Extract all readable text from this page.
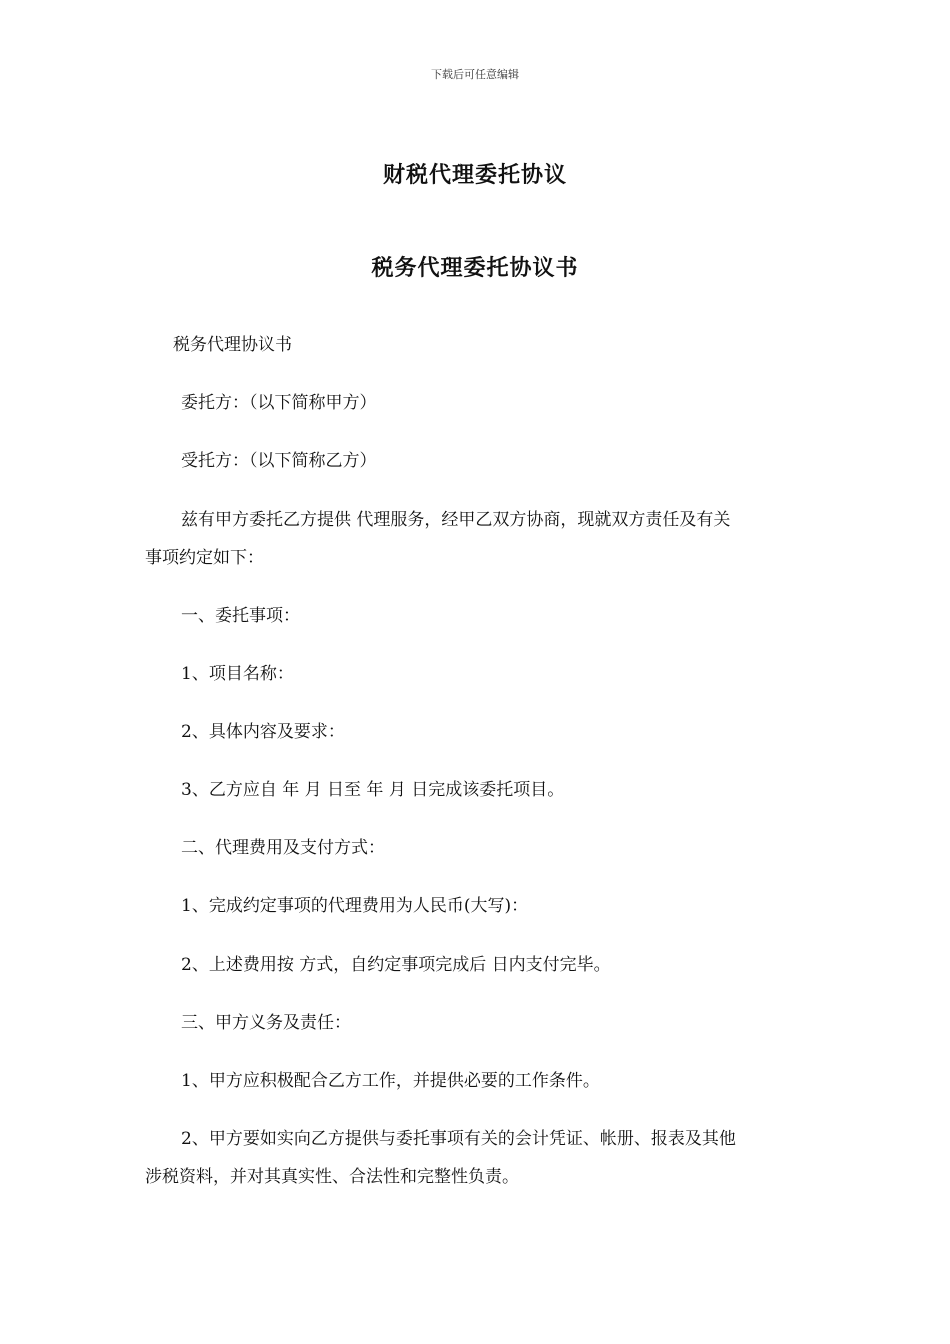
下载后可任意编辑
财税代理委托协议
税务代理委托协议书
税务代理协议书
委托方：（以下简称甲方）
受托方：（以下简称乙方）
兹有甲方委托乙方提供 代理服务，经甲乙双方协商，现就双方责任及有关
事项约定如下：
一、委托事项：
1、项目名称：
2、具体内容及要求：
3、乙方应自 年 月 日至 年 月 日完成该委托项目。
二、代理费用及支付方式：
1、完成约定事项的代理费用为人民币(大写)：
2、上述费用按 方式，自约定事项完成后 日内支付完毕。
三、甲方义务及责任：
1、甲方应积极配合乙方工作，并提供必要的工作条件。
2、甲方要如实向乙方提供与委托事项有关的会计凭证、帐册、报表及其他
涉税资料，并对其真实性、合法性和完整性负责。
